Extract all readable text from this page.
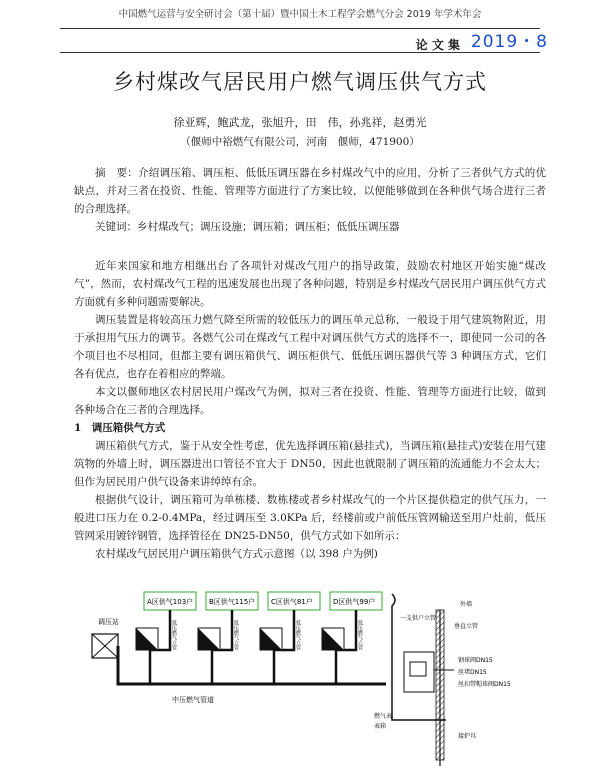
中国燃气运营与安全研讨会（第十届）暨中国土木工程学会燃气分会 2019 年学术年会
论 文 集 2019・8
乡村煤改气居民用户燃气调压供气方式
徐亚辉，鲍武龙，张旭升，田　伟，孙兆祥，赵勇光
（偃师中裕燃气有限公司，河南　偃师，471900）

摘　要：介绍调压箱、调压柜、低低压调压器在乡村煤改气中的应用，分析了三者供气方式的优缺点，并对三者在投资、性能、管理等方面进行了方案比较，以便能够做到在各种供气场合进行三者的合理选择。

关键词：乡村煤改气；调压设施；调压箱；调压柜；低低压调压器

近年来国家和地方相继出台了各项针对煤改气用户的指导政策，鼓励农村地区开始实施“煤改气”，然而，农村煤改气工程的迅速发展也出现了各种问题，特别是乡村煤改气居民用户调压供气方式方面就有多种问题需要解决。

调压装置是将较高压力燃气降至所需的较低压力的调压单元总称，一般设于用气建筑物附近，用于承担用气压力的调节。各燃气公司在煤改气工程中对调压供气方式的选择不一，即使同一公司的各个项目也不尽相同，但都主要有调压箱供气、调压柜供气、低低压调压器供气等 3 种调压方式，它们各有优点，也存在着相应的弊端。

本文以偃师地区农村居民用户煤改气为例，拟对三者在投资、性能、管理等方面进行比较，做到各种场合在三者的合理选择。

1　调压箱供气方式

调压箱供气方式，鉴于从安全性考虑，优先选择调压箱(悬挂式)，当调压箱(悬挂式)安装在用气建筑物的外墙上时，调压器进出口管径不宜大于 DN50，因此也就限制了调压箱的流通能力不会太大；但作为居民用户供气设备来讲绰绰有余。

根据供气设计，调压箱可为单栋楼、数栋楼或者乡村煤改气的一个片区提供稳定的供气压力，一般进口压力在 0.2-0.4MPa，经过调压至 3.0KPa 后，经楼前或户前低压管网输送至用户灶前，低压管网采用镀锌钢管，选择管径在 DN25-DN50，供气方式如下如所示：

农村煤改气居民用户调压箱供气方式示意图（以 398 户为例)

调压站
中压燃气管道
A区供气103户
低压燃气立管
B区供气115户
低压燃气立管
C区供气81户
低压燃气立管
D区供气99户
低压燃气立管
一支供户立管
外墙
垂直立管
钢球阀DN15
丝堵DN15
丝扣带帽球阀DN15
燃气表
表箱
接炉具
